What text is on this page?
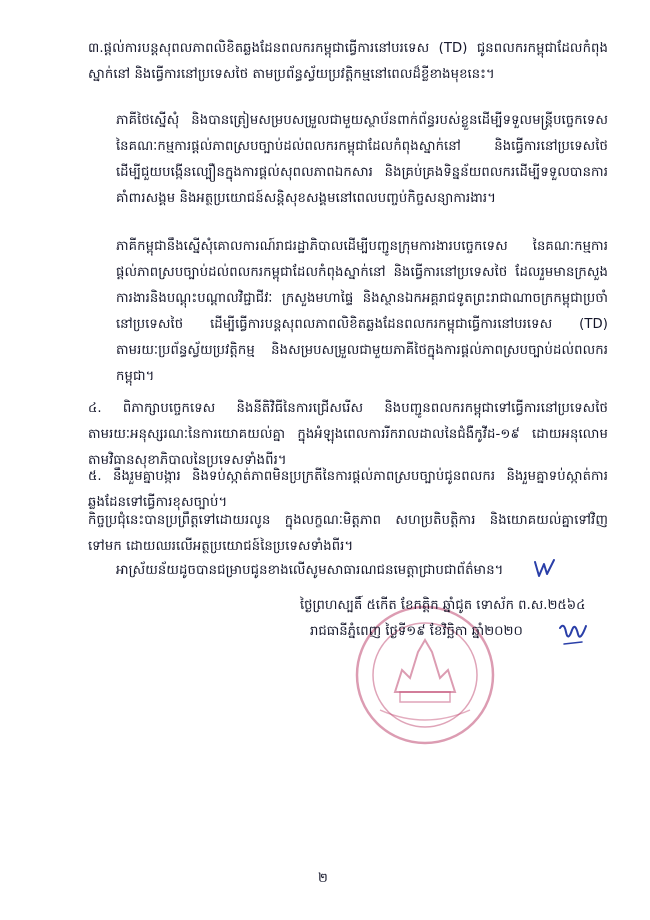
៣.ផ្តល់ការបន្តសុពលភាពលិខិតឆ្លងដែនពលករកម្ពុជាធ្វើការនៅបរទេស (TD) ជូនពលករកម្ពុជាដែលកំពុងស្នាក់នៅ និងធ្វើការនៅប្រទេសថៃ តាមប្រព័ន្ធស្វ័យប្រវត្តិកម្មនៅពេលដ៏ខ្លីខាងមុខនេះ។

ភាគីថៃស្នើសុំ និងបានត្រៀមសម្របសម្រួលជាមួយស្ថាប័នពាក់ព័ន្ធរបស់ខ្លួនដើម្បីទទួលមន្ត្រីបច្ចេកទេសនៃគណៈកម្មការផ្តល់ភាពស្របច្បាប់ដល់ពលករកម្ពុជាដែលកំពុងស្នាក់នៅ និងធ្វើការនៅប្រទេសថៃ ដើម្បីជួយបង្កើនល្បឿនក្នុងការផ្តល់សុពលភាពឯកសារ និងគ្រប់គ្រងទិន្នន័យពលករដើម្បីទទួលបានការគាំពារសង្គម និងអត្ថប្រយោជន៍សន្តិសុខសង្គមនៅពេលបញ្ចប់កិច្ចសន្យាការងារ។

ភាគីកម្ពុជានឹងស្នើសុំគោលការណ៍រាជរដ្ឋាភិបាលដើម្បីបញ្ជូនក្រុមការងារបច្ចេកទេស នៃគណៈកម្មការផ្តល់ភាពស្របច្បាប់ដល់ពលករកម្ពុជាដែលកំពុងស្នាក់នៅ និងធ្វើការនៅប្រទេសថៃ ដែលរួមមានក្រសួងការងារនិងបណ្តុះបណ្តាលវិជ្ជាជីវៈ ក្រសួងមហាផ្ទៃ និងស្ថានឯកអគ្គរាជទូតព្រះរាជាណាចក្រកម្ពុជាប្រចាំនៅប្រទេសថៃ ដើម្បីធ្វើការបន្តសុពលភាពលិខិតឆ្លងដែនពលករកម្ពុជាធ្វើការនៅបរទេស (TD) តាមរយៈប្រព័ន្ធស្វ័យប្រវត្តិកម្ម និងសម្របសម្រួលជាមួយភាគីថៃក្នុងការផ្តល់ភាពស្របច្បាប់ដល់ពលករកម្ពុជា។

៤. ពិភាក្សាបច្ចេកទេស និងនីតិវិធីនៃការជ្រើសរើស និងបញ្ជូនពលករកម្ពុជាទៅធ្វើការនៅប្រទេសថៃតាមរយៈអនុស្សរណៈនៃការយោគយល់គ្នា ក្នុងអំឡុងពេលការរីករាលដាលនៃជំងឺកូវីដ-១៩ ដោយអនុលោមតាមវិធានសុខាភិបាលនៃប្រទេសទាំងពីរ។

៥. នឹងរួមគ្នាបង្ការ និងទប់ស្កាត់ភាពមិនប្រក្រតីនៃការផ្តល់ភាពស្របច្បាប់ជូនពលករ និងរួមគ្នាទប់ស្កាត់ការឆ្លងដែនទៅធ្វើការខុសច្បាប់។

កិច្ចប្រជុំនេះបានប្រព្រឹត្តទៅដោយរលូន ក្នុងលក្ខណៈមិត្តភាព សហប្រតិបត្តិការ និងយោគយល់គ្នាទៅវិញទៅមក ដោយឈរលើអត្ថប្រយោជន៍នៃប្រទេសទាំងពីរ។

អាស្រ័យន័យដូចបានជម្រាបជូនខាងលើសូមសាធារណជនមេត្តាជ្រាបជាព័ត៌មាន។

ថ្ងៃព្រហស្បតិ៍ ៥កើត ខែកត្តិក ឆ្នាំជូត ទោស័ក ព.ស.២៥៦៤
រាជធានីភ្នំពេញ ថ្ងៃទី១៩ ខែវិច្ឆិកា ឆ្នាំ២០២០
២
